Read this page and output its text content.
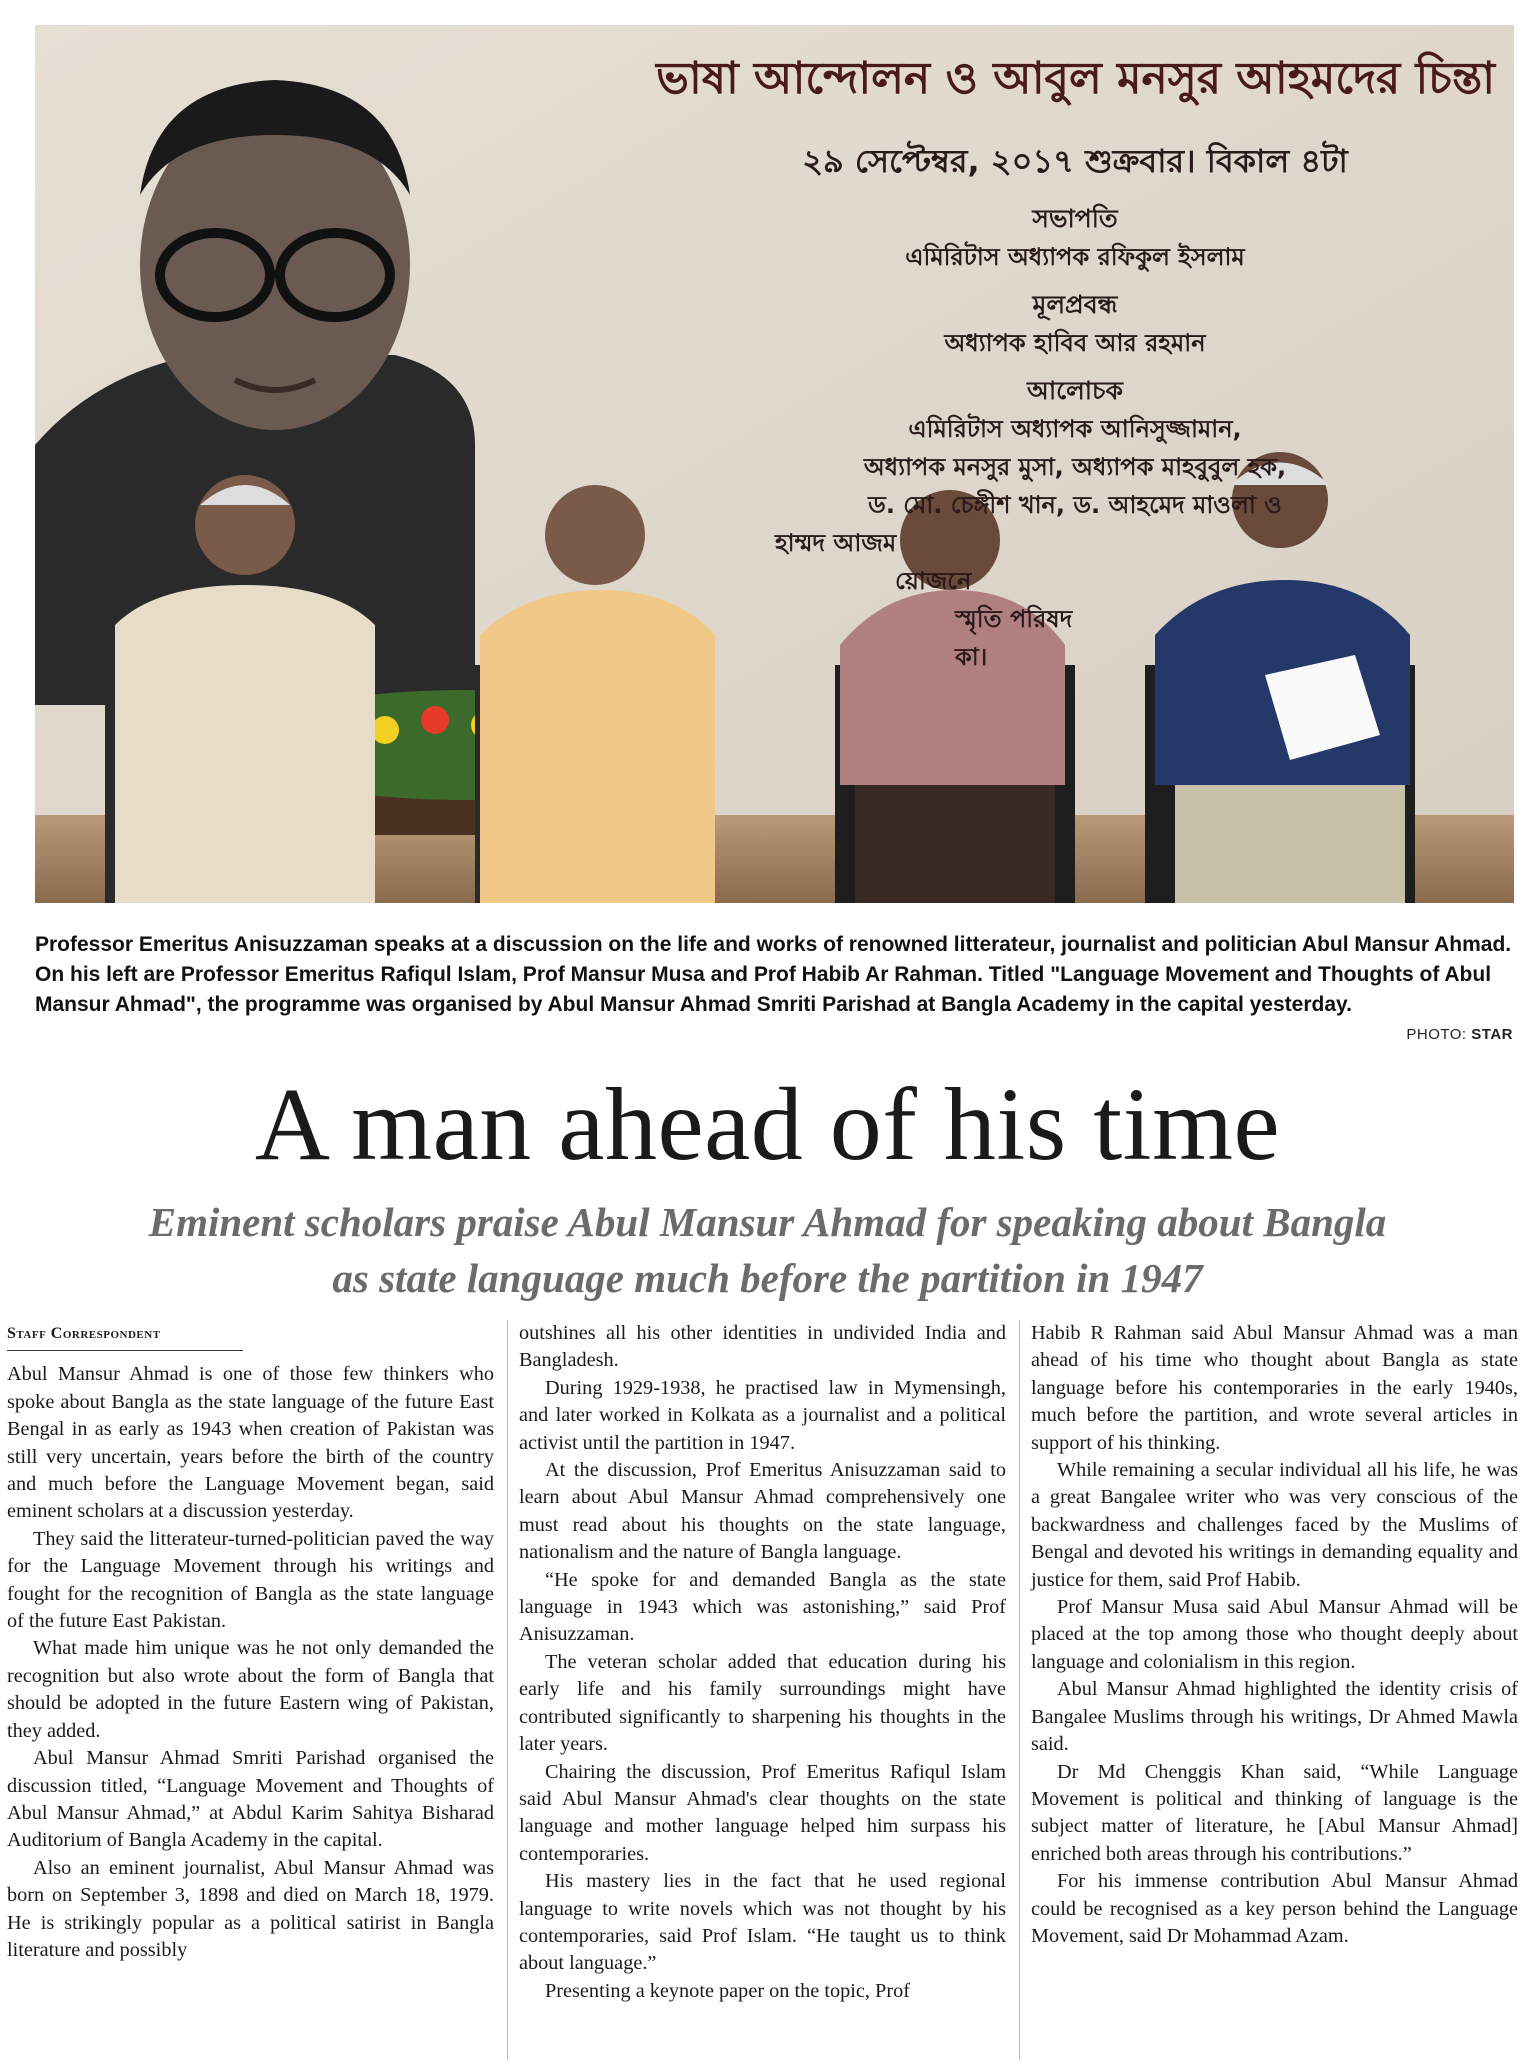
ভাষা আন্দোলন ও আবুল মনসুর আহমদের চিন্তা
২৯ সেপ্টেম্বর, ২০১৭ শুক্রবার। বিকাল ৪টা
সভাপতি
এমিরিটাস অধ্যাপক রফিকুল ইসলাম
মূলপ্রবন্ধ
অধ্যাপক হাবিব আর রহমান
আলোচক
এমিরিটাস অধ্যাপক আনিসুজ্জামান,
অধ্যাপক মনসুর মুসা, অধ্যাপক মাহবুবুল হক,
ড. মো. চেঙ্গীশ খান, ড. আহমেদ মাওলা ও
হাম্মদ আজম
য়োজনে
স্মৃতি পরিষদ
কা।
Professor Emeritus Anisuzzaman speaks at a discussion on the life and works of renowned litterateur, journalist and politician Abul Mansur Ahmad. On his left are Professor Emeritus Rafiqul Islam, Prof Mansur Musa and Prof Habib Ar Rahman. Titled "Language Movement and Thoughts of Abul Mansur Ahmad", the programme was organised by Abul Mansur Ahmad Smriti Parishad at Bangla Academy in the capital yesterday.
PHOTO: STAR
A man ahead of his time
Eminent scholars praise Abul Mansur Ahmad for speaking about Bangla
as state language much before the partition in 1947
Staff Correspondent

Abul Mansur Ahmad is one of those few thinkers who spoke about Bangla as the state language of the future East Bengal in as early as 1943 when creation of Pakistan was still very uncertain, years before the birth of the country and much before the Language Movement began, said eminent scholars at a discussion yesterday.

They said the litterateur-turned-politician paved the way for the Language Movement through his writings and fought for the recognition of Bangla as the state language of the future East Pakistan.

What made him unique was he not only demanded the recognition but also wrote about the form of Bangla that should be adopted in the future Eastern wing of Pakistan, they added.

Abul Mansur Ahmad Smriti Parishad organised the discussion titled, “Language Movement and Thoughts of Abul Mansur Ahmad,” at Abdul Karim Sahitya Bisharad Auditorium of Bangla Academy in the capital.

Also an eminent journalist, Abul Mansur Ahmad was born on September 3, 1898 and died on March 18, 1979. He is strikingly popular as a political satirist in Bangla literature and possibly

outshines all his other identities in undivided India and Bangladesh.

During 1929-1938, he practised law in Mymensingh, and later worked in Kolkata as a journalist and a political activist until the partition in 1947.

At the discussion, Prof Emeritus Anisuzzaman said to learn about Abul Mansur Ahmad comprehensively one must read about his thoughts on the state language, nationalism and the nature of Bangla language.

“He spoke for and demanded Bangla as the state language in 1943 which was astonishing,” said Prof Anisuzzaman.

The veteran scholar added that education during his early life and his family surroundings might have contributed significantly to sharpening his thoughts in the later years.

Chairing the discussion, Prof Emeritus Rafiqul Islam said Abul Mansur Ahmad's clear thoughts on the state language and mother language helped him surpass his contemporaries.

His mastery lies in the fact that he used regional language to write novels which was not thought by his contemporaries, said Prof Islam. “He taught us to think about language.”

Presenting a keynote paper on the topic, Prof

Habib R Rahman said Abul Mansur Ahmad was a man ahead of his time who thought about Bangla as state language before his contemporaries in the early 1940s, much before the partition, and wrote several articles in support of his thinking.

While remaining a secular individual all his life, he was a great Bangalee writer who was very conscious of the backwardness and challenges faced by the Muslims of Bengal and devoted his writings in demanding equality and justice for them, said Prof Habib.

Prof Mansur Musa said Abul Mansur Ahmad will be placed at the top among those who thought deeply about language and colonialism in this region.

Abul Mansur Ahmad highlighted the identity crisis of Bangalee Muslims through his writings, Dr Ahmed Mawla said.

Dr Md Chenggis Khan said, “While Language Movement is political and thinking of language is the subject matter of literature, he [Abul Mansur Ahmad] enriched both areas through his contributions.”

For his immense contribution Abul Mansur Ahmad could be recognised as a key person behind the Language Movement, said Dr Mohammad Azam.
